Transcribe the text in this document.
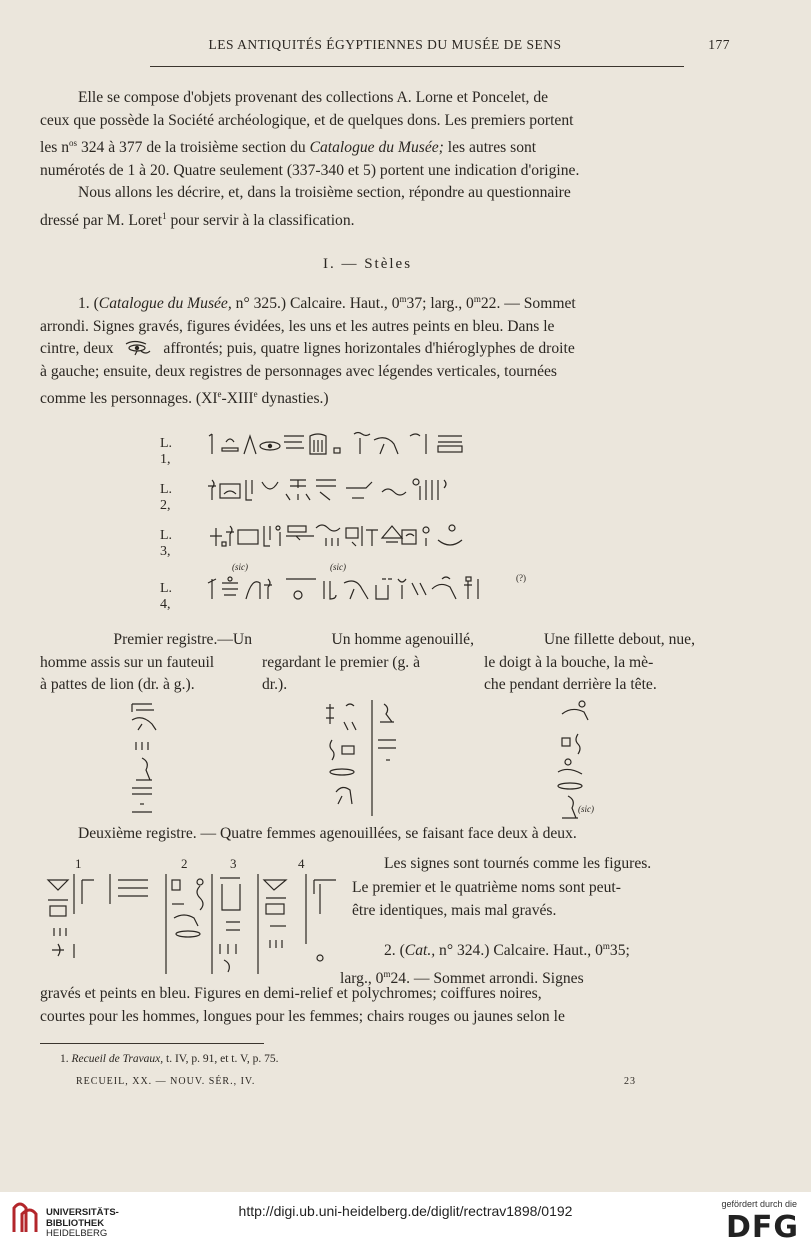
LES ANTIQUITÉS ÉGYPTIENNES DU MUSÉE DE SENS	177

Elle se compose d'objets provenant des collections A. Lorne et Poncelet, de

ceux que possède la Société archéologique, et de quelques dons. Les premiers portent

les $n^{os}$ 324 à 377 de la troisième section du Catalogue du Musée; les autres sont

numérotés de 1 à 20. Quatre seulement (337-340 et 5) portent une indication d'origine.

Nous allons les décrire, et, dans la troisième section, répondre au questionnaire

dressé par M. Loret$^1$ pour servir à la classification.

I. — Stèles

1. (Catalogue du Musée, n° 325.) Calcaire. Haut., 0$^m$37; larg., 0$^m$22. — Sommet

arrondi. Signes gravés, figures évidées, les uns et les autres peints en bleu. Dans le

cintre, deux	affrontés; puis, quatre lignes horizontales d'hiéroglyphes de droite

à gauche; ensuite, deux registres de personnages avec légendes verticales, tournées

comme les personnages. (XIe-XIIIe dynasties.)

L. 1,
L. 2,
L. 3,
(sic)	(sic)
L. 4,
(?)

Premier registre.—Un

homme assis sur un fauteuil

à pattes de lion (dr. à g.).

Un homme agenouillé,

regardant le premier (g. à

dr.).

Une fillette debout, nue,

le doigt à la bouche, la mè-

che pendant derrière la tête.

(sic)

Deuxième registre. — Quatre femmes agenouillées, se faisant face deux à deux.

1	2	3	4	Les signes sont tournés comme les figures.

Le premier et le quatrième noms sont peut-

être identiques, mais mal gravés.

2. (Cat., n° 324.) Calcaire. Haut., 0$^m$35;

larg., 0$^m$24. — Sommet arrondi. Signes

gravés et peints en bleu. Figures en demi-relief et polychromes; coiffures noires,

courtes pour les hommes, longues pour les femmes; chairs rouges ou jaunes selon le

1. Recueil de Travaux, t. IV, p. 91, et t. V, p. 75.
RECUEIL, XX. — NOUV. SÉR., IV.	23
UNIVERSITÄTS-
BIBLIOTHEK
HEIDELBERG
http://digi.ub.uni-heidelberg.de/diglit/rectrav1898/0192	gefördert durch die
DFG
